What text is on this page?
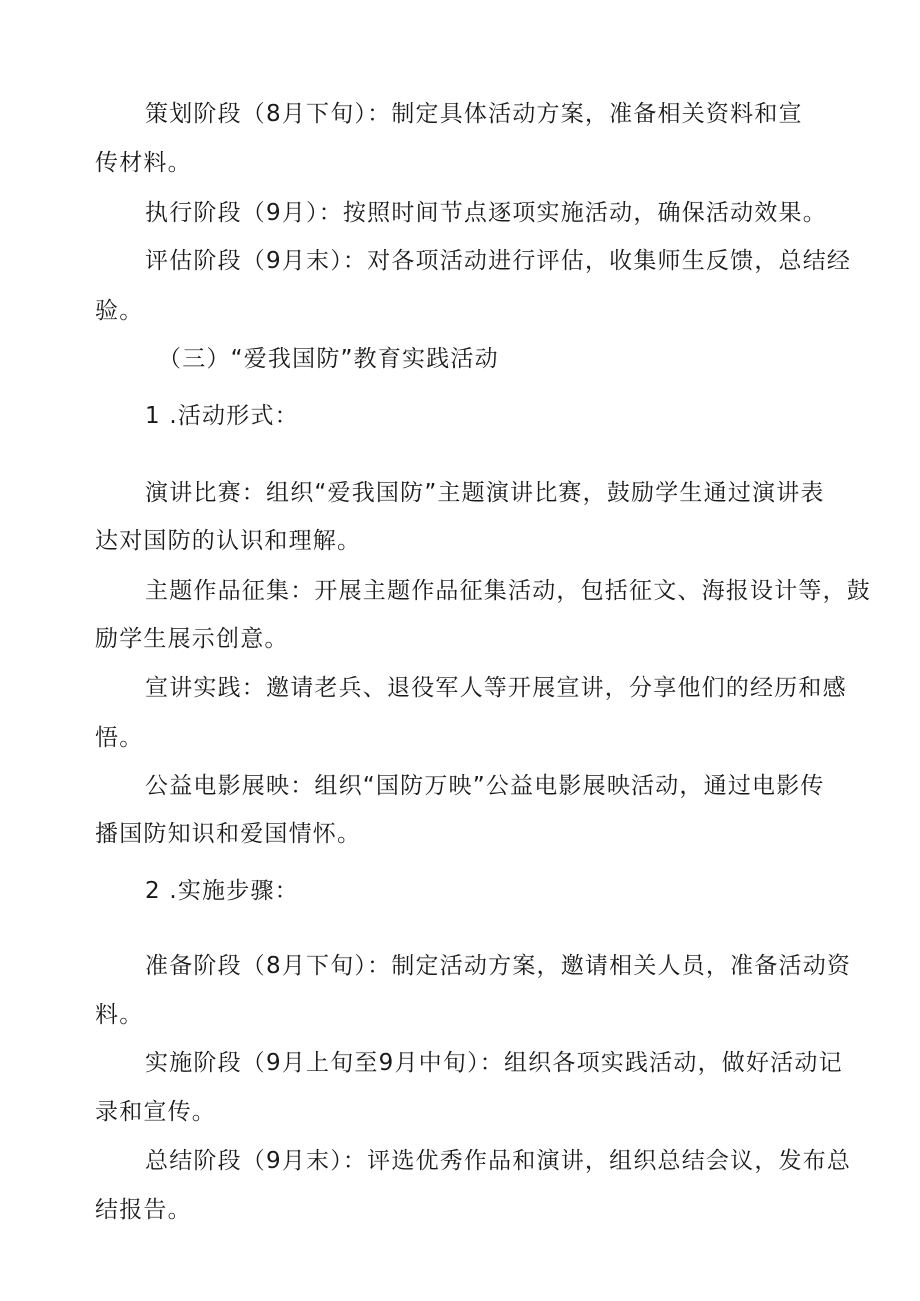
策划阶段（8月下旬）：制定具体活动方案，准备相关资料和宣
传材料。
执行阶段（9月）：按照时间节点逐项实施活动，确保活动效果。
评估阶段（9月末）：对各项活动进行评估，收集师生反馈，总结经
验。
（三）“爱我国防”教育实践活动
1 .活动形式：
演讲比赛：组织“爱我国防”主题演讲比赛，鼓励学生通过演讲表
达对国防的认识和理解。
主题作品征集：开展主题作品征集活动，包括征文、海报设计等，鼓
励学生展示创意。
宣讲实践：邀请老兵、退役军人等开展宣讲，分享他们的经历和感
悟。
公益电影展映：组织“国防万映”公益电影展映活动，通过电影传
播国防知识和爱国情怀。
2 .实施步骤：
准备阶段（8月下旬）：制定活动方案，邀请相关人员，准备活动资
料。
实施阶段（9月上旬至9月中旬）：组织各项实践活动，做好活动记
录和宣传。
总结阶段（9月末）：评选优秀作品和演讲，组织总结会议，发布总
结报告。
